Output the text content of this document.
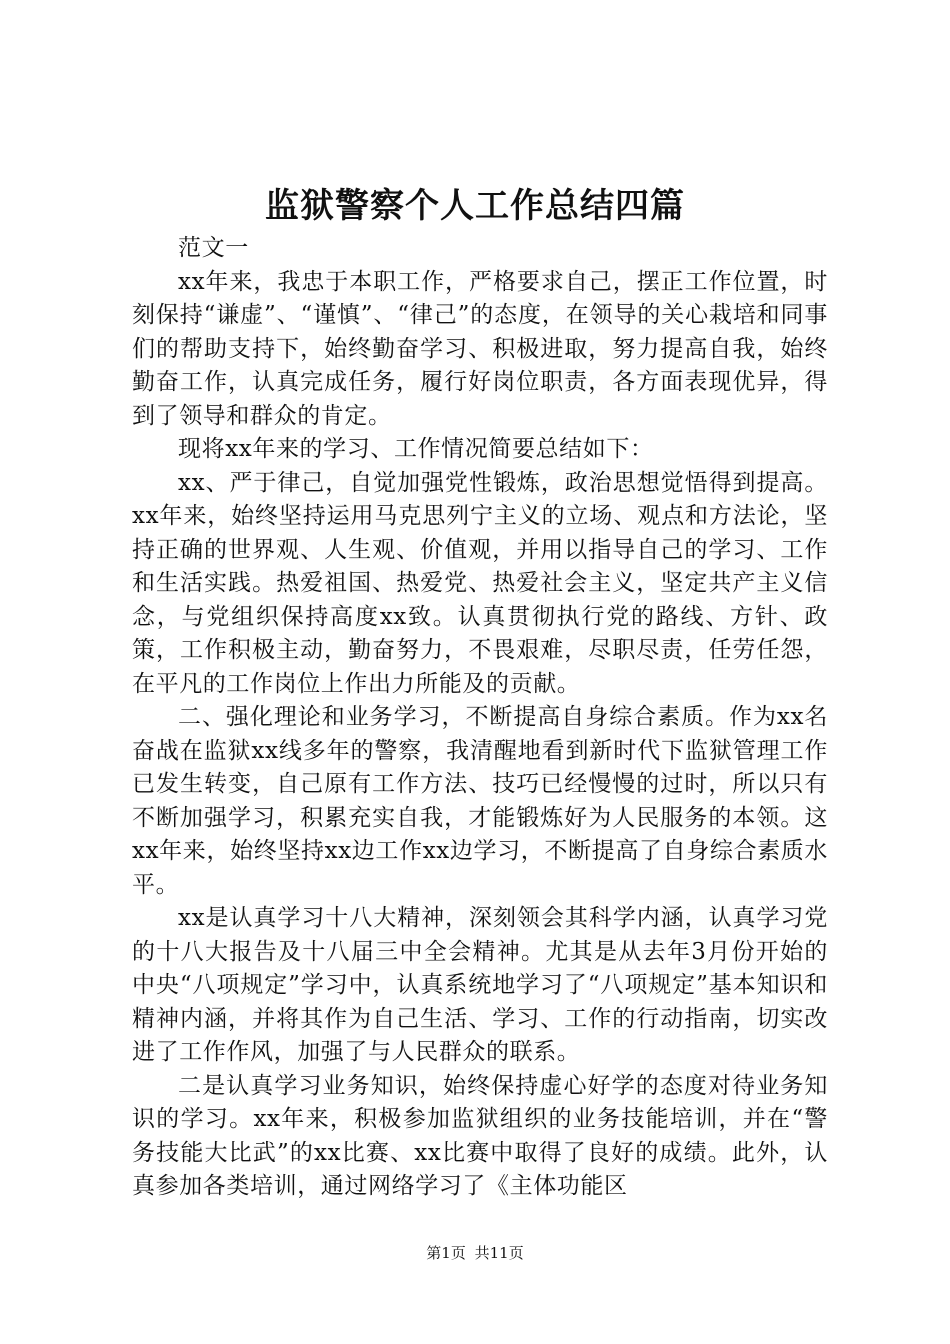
监狱警察个人工作总结四篇

范文一

xx年来，我忠于本职工作，严格要求自己，摆正工作位置，时刻保持“谦虚”、“谨慎”、“律己”的态度，在领导的关心栽培和同事们的帮助支持下，始终勤奋学习、积极进取，努力提高自我，始终勤奋工作，认真完成任务，履行好岗位职责，各方面表现优异，得到了领导和群众的肯定。

现将xx年来的学习、工作情况简要总结如下：

xx、严于律己，自觉加强党性锻炼，政治思想觉悟得到提高。xx年来，始终坚持运用马克思列宁主义的立场、观点和方法论，坚持正确的世界观、人生观、价值观，并用以指导自己的学习、工作和生活实践。热爱祖国、热爱党、热爱社会主义，坚定共产主义信念，与党组织保持高度xx致。认真贯彻执行党的路线、方针、政策，工作积极主动，勤奋努力，不畏艰难，尽职尽责，任劳任怨，在平凡的工作岗位上作出力所能及的贡献。

二、强化理论和业务学习，不断提高自身综合素质。作为xx名奋战在监狱xx线多年的警察，我清醒地看到新时代下监狱管理工作已发生转变，自己原有工作方法、技巧已经慢慢的过时，所以只有不断加强学习，积累充实自我，才能锻炼好为人民服务的本领。这xx年来，始终坚持xx边工作xx边学习，不断提高了自身综合素质水平。

xx是认真学习十八大精神，深刻领会其科学内涵，认真学习党的十八大报告及十八届三中全会精神。尤其是从去年3月份开始的中央“八项规定”学习中，认真系统地学习了“八项规定”基本知识和精神内涵，并将其作为自己生活、学习、工作的行动指南，切实改进了工作作风，加强了与人民群众的联系。

二是认真学习业务知识，始终保持虚心好学的态度对待业务知识的学习。xx年来，积极参加监狱组织的业务技能培训，并在“警务技能大比武”的xx比赛、xx比赛中取得了良好的成绩。此外，认真参加各类培训，通过网络学习了《主体功能区

第1页 共11页
